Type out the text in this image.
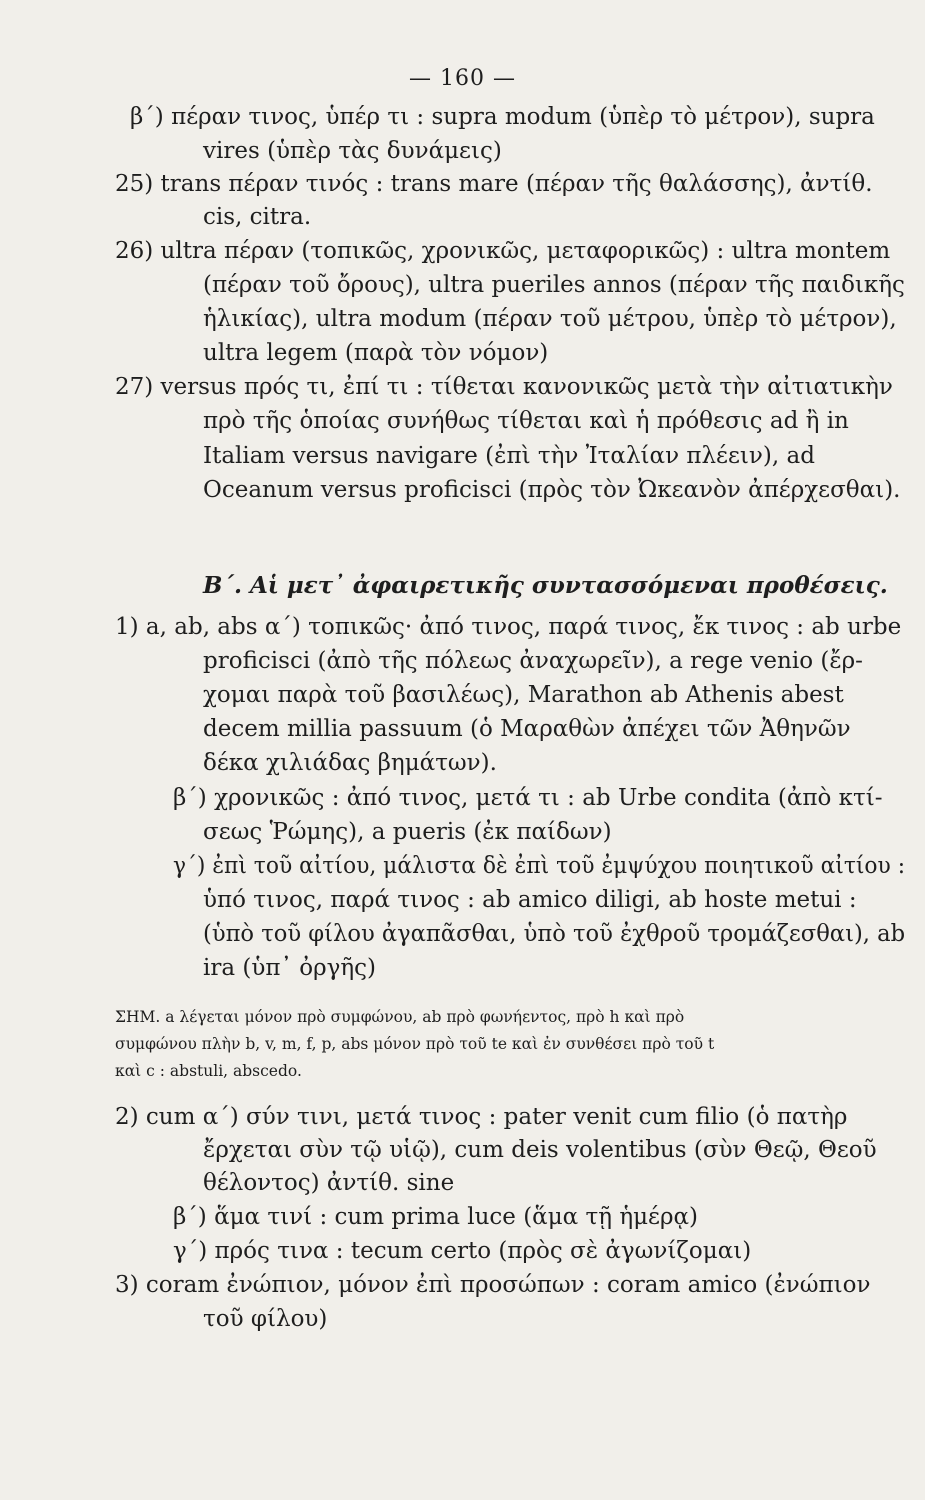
— 160 —
β΄) πέραν τινος, ὑπέρ τι : supra modum (ὑπὲρ τὸ μέτρον), supra
vires (ὑπὲρ τὰς δυνάμεις)
25) trans πέραν τινός : trans mare (πέραν τῆς θαλάσσης), ἀντίθ.
cis, citra.
26) ultra πέραν (τοπικῶς, χρονικῶς, μεταφορικῶς) : ultra montem
(πέραν τοῦ ὄρους), ultra pueriles annos (πέραν τῆς παιδικῆς
ἡλικίας), ultra modum (πέραν τοῦ μέτρου, ὑπὲρ τὸ μέτρον),
ultra legem (παρὰ τὸν νόμον)
27) versus πρός τι, ἐπί τι : τίθεται κανονικῶς μετὰ τὴν αἰτιατικὴν
πρὸ τῆς ὁποίας συνήθως τίθεται καὶ ἡ πρόθεσις ad ἢ in
Italiam versus navigare (ἐπὶ τὴν Ἰταλίαν πλέειν), ad
Oceanum versus proficisci (πρὸς τὸν Ὠκεανὸν ἀπέρχεσθαι).
1) a, ab, abs α΄) τοπικῶς· ἀπό τινος, παρά τινος, ἔκ τινος : ab urbe
proficisci (ἀπὸ τῆς πόλεως ἀναχωρεῖν), a rege venio (ἔρ-
χομαι παρὰ τοῦ βασιλέως), Marathon ab Athenis abest
decem millia passuum (ὁ Μαραθὼν ἀπέχει τῶν Ἀθηνῶν
δέκα χιλιάδας βημάτων).
β΄) χρονικῶς : ἀπό τινος, μετά τι : ab Urbe condita (ἀπὸ κτί-
σεως Ῥώμης), a pueris (ἐκ παίδων)
γ΄) ἐπὶ τοῦ αἰτίου, μάλιστα δὲ ἐπὶ τοῦ ἐμψύχου ποιητικοῦ αἰτίου :
ὑπό τινος, παρά τινος : ab amico diligi, ab hoste metui :
(ὑπὸ τοῦ φίλου ἀγαπᾶσθαι, ὑπὸ τοῦ ἐχθροῦ τρομάζεσθαι), ab
ira (ὑπ᾽ ὀργῆς)
2) cum α΄) σύν τινι, μετά τινος : pater venit cum filio (ὁ πατὴρ
ἔρχεται σὺν τῷ υἱῷ), cum deis volentibus (σὺν Θεῷ, Θεοῦ
θέλοντος) ἀντίθ. sine
β΄) ἅμα τινί : cum prima luce (ἅμα τῇ ἡμέρᾳ)
γ΄) πρός τινα : tecum certo (πρὸς σὲ ἀγωνίζομαι)
3) coram ἐνώπιον, μόνον ἐπὶ προσώπων : coram amico (ἐνώπιον
τοῦ φίλου)
Β΄. Αἱ μετ᾽ ἀφαιρετικῆς συντασσόμεναι προθέσεις.
ΣΗΜ. a λέγεται μόνον πρὸ συμφώνου, ab πρὸ φωνήεντος, πρὸ h καὶ πρὸ
συμφώνου πλὴν b, v, m, f, p, abs μόνον πρὸ τοῦ te καὶ ἐν συνθέσει πρὸ τοῦ t
καὶ c : abstuli, abscedo.
